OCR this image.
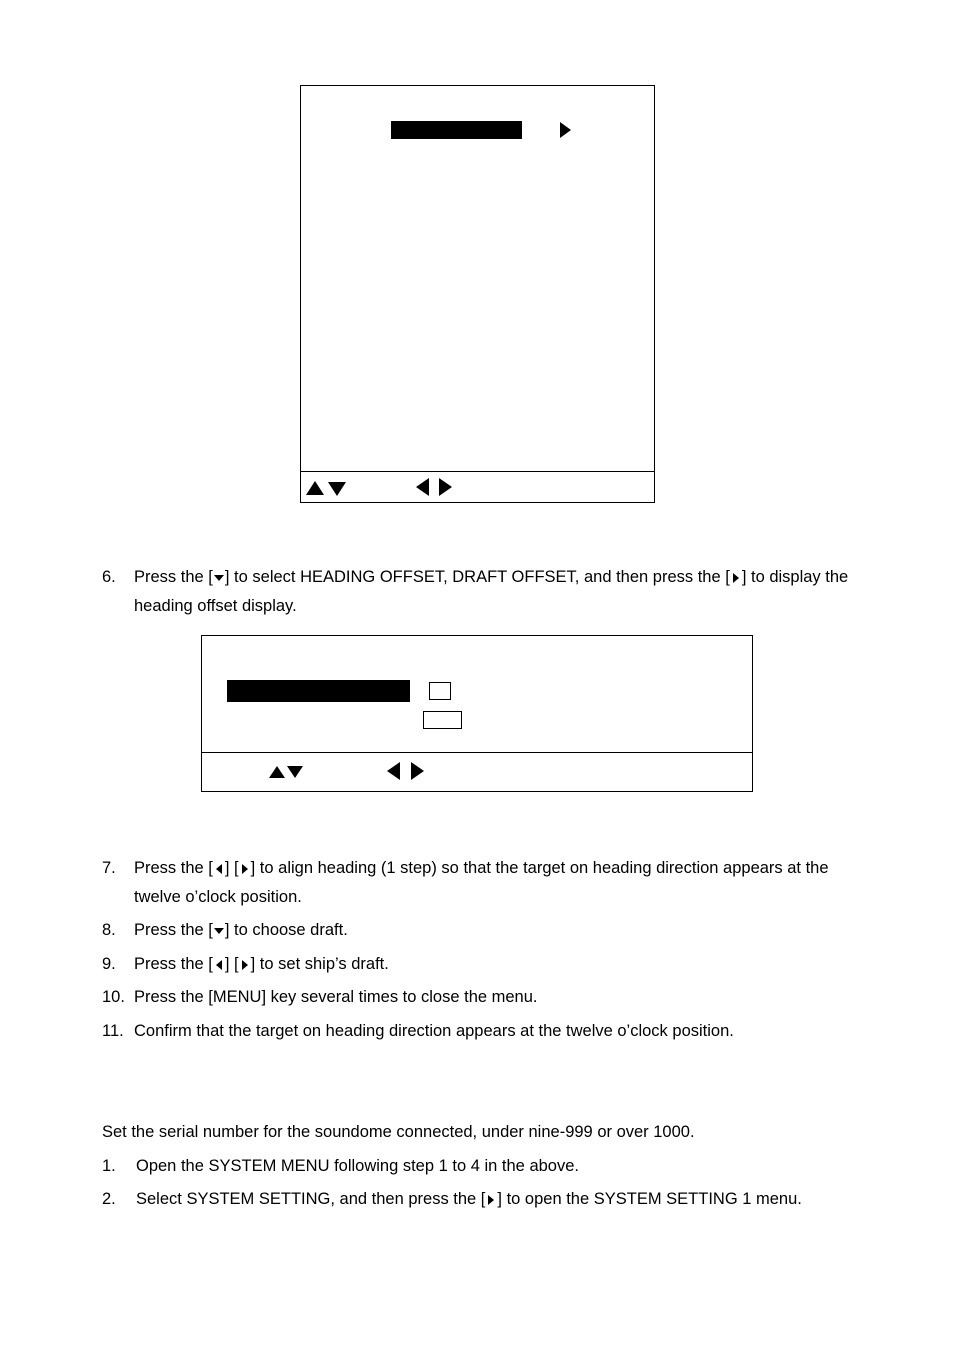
6. Press the [ ] to select HEADING OFFSET, DRAFT OFFSET, and then press the [ ] to display the heading offset display.
7. Press the [ ] [ ] to align heading (1 step) so that the target on heading direction appears at the twelve o’clock position.
8. Press the [ ] to choose draft.
9. Press the [ ] [ ] to set ship’s draft.
10. Press the [MENU] key several times to close the menu.
11. Confirm that the target on heading direction appears at the twelve o’clock position.
Set the serial number for the soundome connected, under nine-999 or over 1000.
1. Open the SYSTEM MENU following step 1 to 4 in the above.
2. Select SYSTEM SETTING, and then press the [ ] to open the SYSTEM SETTING 1 menu.
